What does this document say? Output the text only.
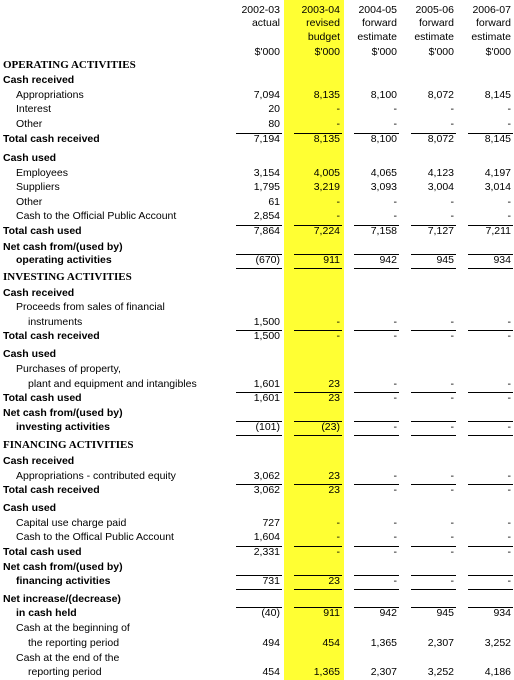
2002-03
actual
$'000
2003-04
revised
budget
$'000
2004-05
forward
estimate
$'000
2005-06
forward
estimate
$'000
2006-07
forward
estimate
$'000
OPERATING ACTIVITIES
Cash received
Appropriations	7,094	8,135	8,100	8,072	8,145
Interest	20	-	-	-	-
Other	80	-	-	-	-
Total cash received	7,194	8,135	8,100	8,072	8,145
Cash used
Employees	3,154	4,005	4,065	4,123	4,197
Suppliers	1,795	3,219	3,093	3,004	3,014
Other	61	-	-	-	-
Cash to the Official Public Account	2,854	-	-	-	-
Total cash used	7,864	7,224	7,158	7,127	7,211
Net cash from/(used by)
operating activities	(670)	911	942	945	934
INVESTING ACTIVITIES
Cash received
Proceeds from sales of financial
instruments	1,500	-	-	-	-
Total cash received	1,500	-	-	-	-
Cash used
Purchases of property,
plant and equipment and intangibles	1,601	23	-	-	-
Total cash used	1,601	23	-	-	-
Net cash from/(used by)
investing activities	(101)	(23)	-	-	-
FINANCING ACTIVITIES
Cash received
Appropriations - contributed equity	3,062	23	-	-	-
Total cash received	3,062	23	-	-	-
Cash used
Capital use charge paid	727	-	-	-	-
Cash to the Offical Public Account	1,604	-	-	-	-
Total cash used	2,331	-	-	-	-
Net cash from/(used by)
financing activities	731	23	-	-	-
Net increase/(decrease)
in cash held	(40)	911	942	945	934
Cash at the beginning of
the reporting period	494	454	1,365	2,307	3,252
Cash at the end of the
reporting period	454	1,365	2,307	3,252	4,186
